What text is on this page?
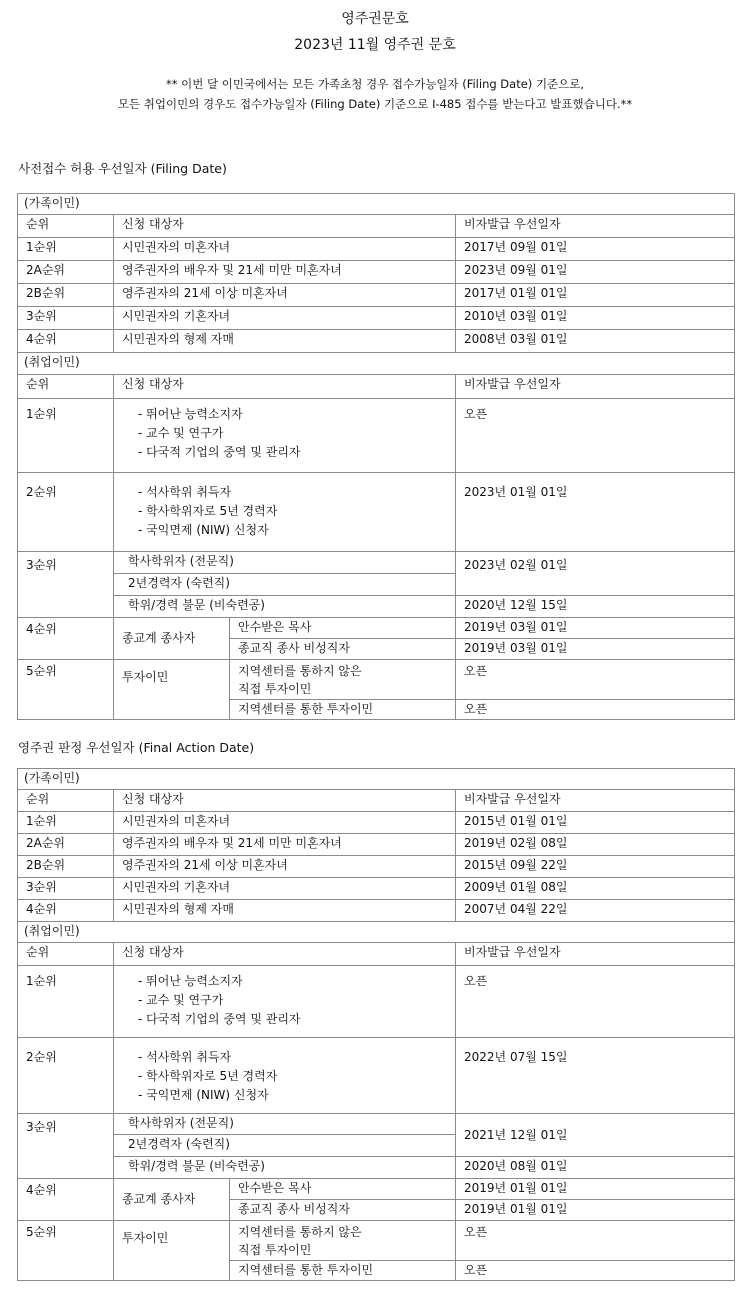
영주권문호
2023년 11월 영주권 문호
** 이번 달 이민국에서는 모든 가족초청 경우 접수가능일자 (Filing Date) 기준으로,
모든 취업이민의 경우도 접수가능일자 (Filing Date) 기준으로 I-485 접수를 받는다고 발표했습니다.**
사전접수 허용 우선일자 (Filing Date)
(가족이민)			
순위	신청 대상자		비자발급 우선일자
1순위	시민권자의 미혼자녀		2017년 09월 01일
2A순위	영주권자의 배우자 및 21세 미만 미혼자녀		2023년 09월 01일
2B순위	영주권자의 21세 이상 미혼자녀		2017년 01월 01일
3순위	시민권자의 기혼자녀		2010년 03월 01일
4순위	시민권자의 형제 자매		2008년 03월 01일
(취업이민)			
순위	신청 대상자		비자발급 우선일자
1순위	- 뛰어난 능력소지자
- 교수 및 연구가
- 다국적 기업의 중역 및 관리자		오픈
2순위	- 석사학위 취득자
- 학사학위자로 5년 경력자
- 국익면제 (NIW) 신청자		2023년 01월 01일
3순위	학사학위자 (전문직)		2023년 02월 01일
	2년경력자 (숙련직)		
	학위/경력 불문 (비숙련공)		2020년 12월 15일
4순위	종교계 종사자	안수받은 목사	2019년 03월 01일
		종교직 종사 비성직자	2019년 03월 01일
5순위	투자이민	지역센터를 통하지 않은
직접 투자이민	오픈
		지역센터를 통한 투자이민	오픈
영주권 판정 우선일자 (Final Action Date)
(가족이민)			
순위	신청 대상자		비자발급 우선일자
1순위	시민권자의 미혼자녀		2015년 01월 01일
2A순위	영주권자의 배우자 및 21세 미만 미혼자녀		2019년 02월 08일
2B순위	영주권자의 21세 이상 미혼자녀		2015년 09월 22일
3순위	시민권자의 기혼자녀		2009년 01월 08일
4순위	시민권자의 형제 자매		2007년 04월 22일
(취업이민)			
순위	신청 대상자		비자발급 우선일자
1순위	- 뛰어난 능력소지자
- 교수 및 연구가
- 다국적 기업의 중역 및 관리자		오픈
2순위	- 석사학위 취득자
- 학사학위자로 5년 경력자
- 국익면제 (NIW) 신청자		2022년 07월 15일
3순위	학사학위자 (전문직)		2021년 12월 01일
	2년경력자 (숙련직)		
	학위/경력 불문 (비숙련공)		2020년 08월 01일
4순위	종교계 종사자	안수받은 목사	2019년 01월 01일
		종교직 종사 비성직자	2019년 01월 01일
5순위	투자이민	지역센터를 통하지 않은
직접 투자이민	오픈
		지역센터를 통한 투자이민	오픈
